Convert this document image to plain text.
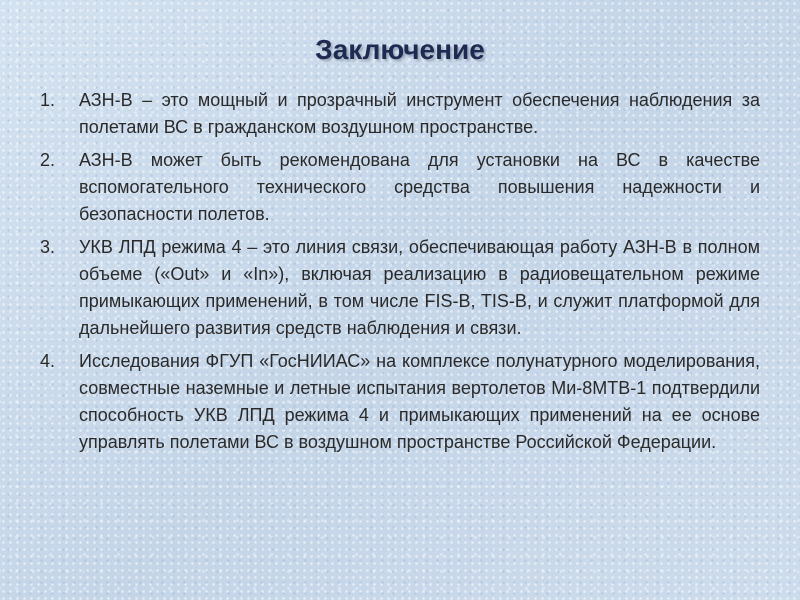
Заключение
1.	АЗН-В – это мощный и прозрачный инструмент обеспечения наблюдения за полетами ВС в гражданском воздушном пространстве.
2.	АЗН-В может быть рекомендована для установки на ВС в качестве вспомогательного технического средства повышения надежности и безопасности полетов.
3.	УКВ ЛПД режима 4 – это линия связи, обеспечивающая работу АЗН-В в полном объеме («Out» и «In»), включая реализацию в радиовещательном режиме примыкающих применений, в том числе FIS-B, TIS-B, и служит платформой для дальнейшего развития средств наблюдения и связи.
4.	Исследования ФГУП «ГосНИИАС» на комплексе полунатурного моделирования, совместные наземные и летные испытания вертолетов Ми-8МТВ-1 подтвердили способность УКВ ЛПД режима 4 и примыкающих применений на ее основе управлять полетами ВС в воздушном пространстве Российской Федерации.
